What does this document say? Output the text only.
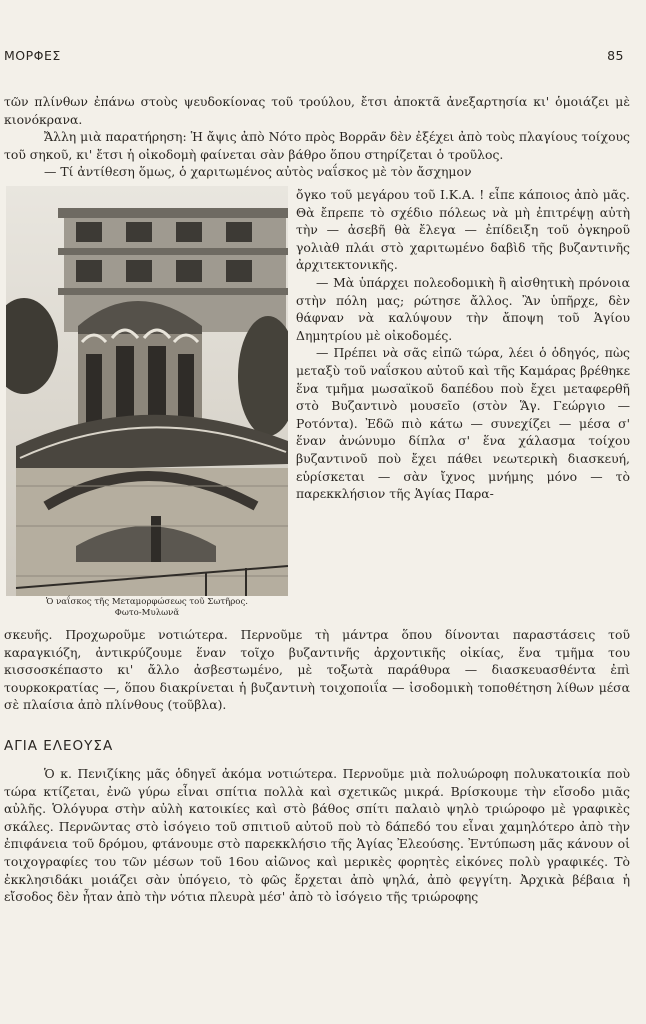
ΜΟΡΦΕΣ	85

τῶν πλίνθων ἐπάνω στοὺς ψευδοκίονας τοῦ τρούλου, ἔτσι ἀποκτᾶ ἀνεξαρτησία κι' ὁμοιάζει μὲ κιονόκρανα.

Ἄλλη μιὰ παρατήρηση: Ἡ ἄψις ἀπὸ Νότο πρὸς Βορρᾶν δὲν ἐξέχει ἀπὸ τοὺς πλαγίους τοίχους τοῦ σηκοῦ, κι' ἔτσι ἡ οἰκοδομὴ φαίνεται σὰν βάθρο ὅπου στηρίζεται ὁ τροῦλος.

— Τί ἀντίθεση ὅμως, ὁ χαριτωμένος αὐτὸς ναΐσκος μὲ τὸν ἄσχημον

Ὁ ναΐσκος τῆς Μεταμορφώσεως τοῦ Σωτῆρος.
Φωτο-Μυλωνᾶ

ὄγκο τοῦ μεγάρου τοῦ Ι.Κ.Α. ! εἶπε κάποιος ἀπὸ μᾶς. Θὰ ἔπρεπε τὸ σχέδιο πόλεως νὰ μὴ ἐπιτρέψῃ αὐτὴ τὴν — ἀσεβῆ θὰ ἔλεγα — ἐπίδειξη τοῦ ὀγκηροῦ γολιὰθ πλάι στὸ χαριτωμένο δαβὶδ τῆς βυζαντινῆς ἀρχιτεκτονικῆς.

— Μὰ ὑπάρχει πολεοδομικὴ ἢ αἰσθητικὴ πρόνοια στὴν πόλη μας; ρώτησε ἄλλος. Ἂν ὑπῆρχε, δὲν θάφναν νὰ καλύψουν τὴν ἄποψη τοῦ Ἁγίου Δημητρίου μὲ οἰκοδομές.

— Πρέπει νὰ σᾶς εἰπῶ τώρα, λέει ὁ ὁδηγός, πὼς μεταξὺ τοῦ ναΐσκου αὐτοῦ καὶ τῆς Καμάρας βρέθηκε ἕνα τμῆμα μωσαϊκοῦ δαπέδου ποὺ ἔχει μεταφερθῆ στὸ Βυζαντινὸ μουσεῖο (στὸν Ἅγ. Γεώργιο — Ροτόντα). Ἐδῶ πιὸ κάτω — συνεχίζει — μέσα σ' ἕναν ἀνώνυμο δίπλα σ' ἕνα χάλασμα τοίχου βυζαντινοῦ ποὺ ἔχει πάθει νεωτερικὴ διασκευή, εὑρίσκεται — σὰν ἴχνος μνήμης μόνο — τὸ παρεκκλήσιον τῆς Ἁγίας Παρα-

σκευῆς. Προχωροῦμε νοτιώτερα. Περνοῦμε τὴ μάντρα ὅπου δίνονται παραστάσεις τοῦ καραγκιόζη, ἀντικρύζουμε ἕναν τοῖχο βυζαντινῆς ἀρχοντικῆς οἰκίας, ἕνα τμῆμα του κισσοσκέπαστο κι' ἄλλο ἀσβεστωμένο, μὲ τοξωτὰ παράθυρα — διασκευασθέντα ἐπὶ τουρκοκρατίας —, ὅπου διακρίνεται ἡ βυζαντινὴ τοιχοποιΐα — ἰσοδομικὴ τοποθέτηση λίθων μέσα σὲ πλαίσια ἀπὸ πλίνθους (τοῦβλα).

ΑΓΙΑ ΕΛΕΟΥΣΑ

Ὁ κ. Πενιζίκης μᾶς ὁδηγεῖ ἀκόμα νοτιώτερα. Περνοῦμε μιὰ πολυώροφη πολυκατοικία ποὺ τώρα κτίζεται, ἐνῶ γύρω εἶναι σπίτια πολλὰ καὶ σχετικῶς μικρά. Βρίσκουμε τὴν εἴσοδο μιᾶς αὐλῆς. Ὁλόγυρα στὴν αὐλὴ κατοικίες καὶ στὸ βάθος σπίτι παλαιὸ ψηλὸ τριώροφο μὲ γραφικὲς σκάλες. Περνῶντας στὸ ἰσόγειο τοῦ σπιτιοῦ αὐτοῦ ποὺ τὸ δάπεδό του εἶναι χαμηλότερο ἀπὸ τὴν ἐπιφάνεια τοῦ δρόμου, φτάνουμε στὸ παρεκκλήσιο τῆς Ἁγίας Ἐλεούσης. Ἐντύπωση μᾶς κάνουν οἱ τοιχογραφίες του τῶν μέσων τοῦ 16ου αἰῶνος καὶ μερικὲς φορητὲς εἰκόνες πολὺ γραφικές. Τὸ ἐκκλησιδάκι μοιάζει σὰν ὑπόγειο, τὸ φῶς ἔρχεται ἀπὸ ψηλά, ἀπὸ φεγγίτη. Ἀρχικὰ βέβαια ἡ εἴσοδος δὲν ἦταν ἀπὸ τὴν νότια πλευρὰ μέσ' ἀπὸ τὸ ἰσόγειο τῆς τριώροφης
